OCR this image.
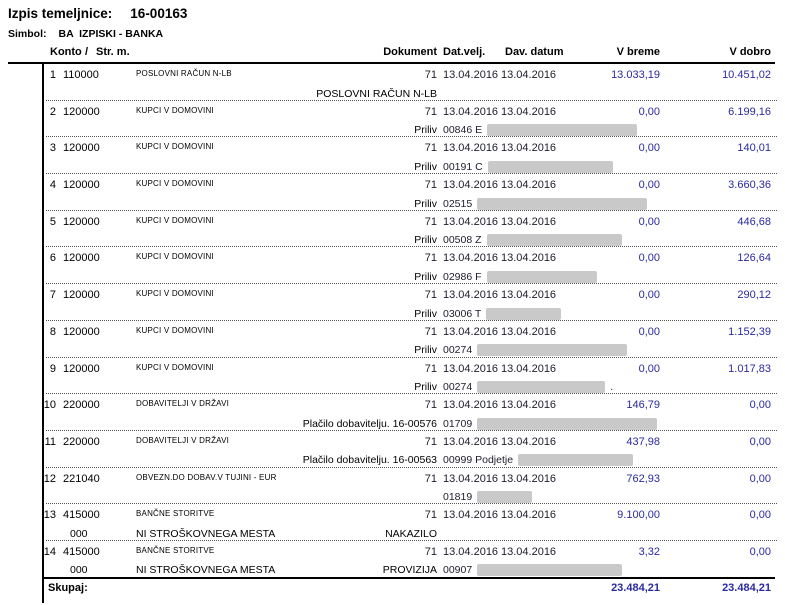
Izpis temeljnice: 16-00163
Simbol: BA  IZPISKI - BANKA
Konto / Str. m.	Dokument Dat.velj.	Dav. datum	V breme	V dobro
1 110000	POSLOVNI RAČUN N-LB	71 13.04.2016 13.04.2016	13.033,19	10.451,02
POSLOVNI RAČUN N-LB
2 120000	KUPCI V DOMOVINI	71 13.04.2016 13.04.2016	0,00	6.199,16
Priliv 00846 E
3 120000	KUPCI V DOMOVINI	71 13.04.2016 13.04.2016	0,00	140,01
Priliv 00191 C
4 120000	KUPCI V DOMOVINI	71 13.04.2016 13.04.2016	0,00	3.660,36
Priliv 02515
5 120000	KUPCI V DOMOVINI	71 13.04.2016 13.04.2016	0,00	446,68
Priliv 00508 Z
6 120000	KUPCI V DOMOVINI	71 13.04.2016 13.04.2016	0,00	126,64
Priliv 02986 F
7 120000	KUPCI V DOMOVINI	71 13.04.2016 13.04.2016	0,00	290,12
Priliv 03006 T
8 120000	KUPCI V DOMOVINI	71 13.04.2016 13.04.2016	0,00	1.152,39
Priliv 00274
9 120000	KUPCI V DOMOVINI	71 13.04.2016 13.04.2016	0,00	1.017,83
Priliv 00274	.
10 220000	DOBAVITELJI V DRŽAVI	71 13.04.2016 13.04.2016	146,79	0,00
Plačilo dobavitelju. 16-00576 01709
11 220000	DOBAVITELJI V DRŽAVI	71 13.04.2016 13.04.2016	437,98	0,00
Plačilo dobavitelju. 16-00563 00999 Podjetje
12 221040	OBVEZN.DO DOBAV.V TUJINI - EUR	71 13.04.2016 13.04.2016	762,93	0,00
01819
13 415000	BANČNE STORITVE	71 13.04.2016 13.04.2016	9.100,00	0,00
000	NI STROŠKOVNEGA MESTA	NAKAZILO
14 415000	BANČNE STORITVE	71 13.04.2016 13.04.2016	3,32	0,00
000	NI STROŠKOVNEGA MESTA	PROVIZIJA 00907
Skupaj:	23.484,21	23.484,21
